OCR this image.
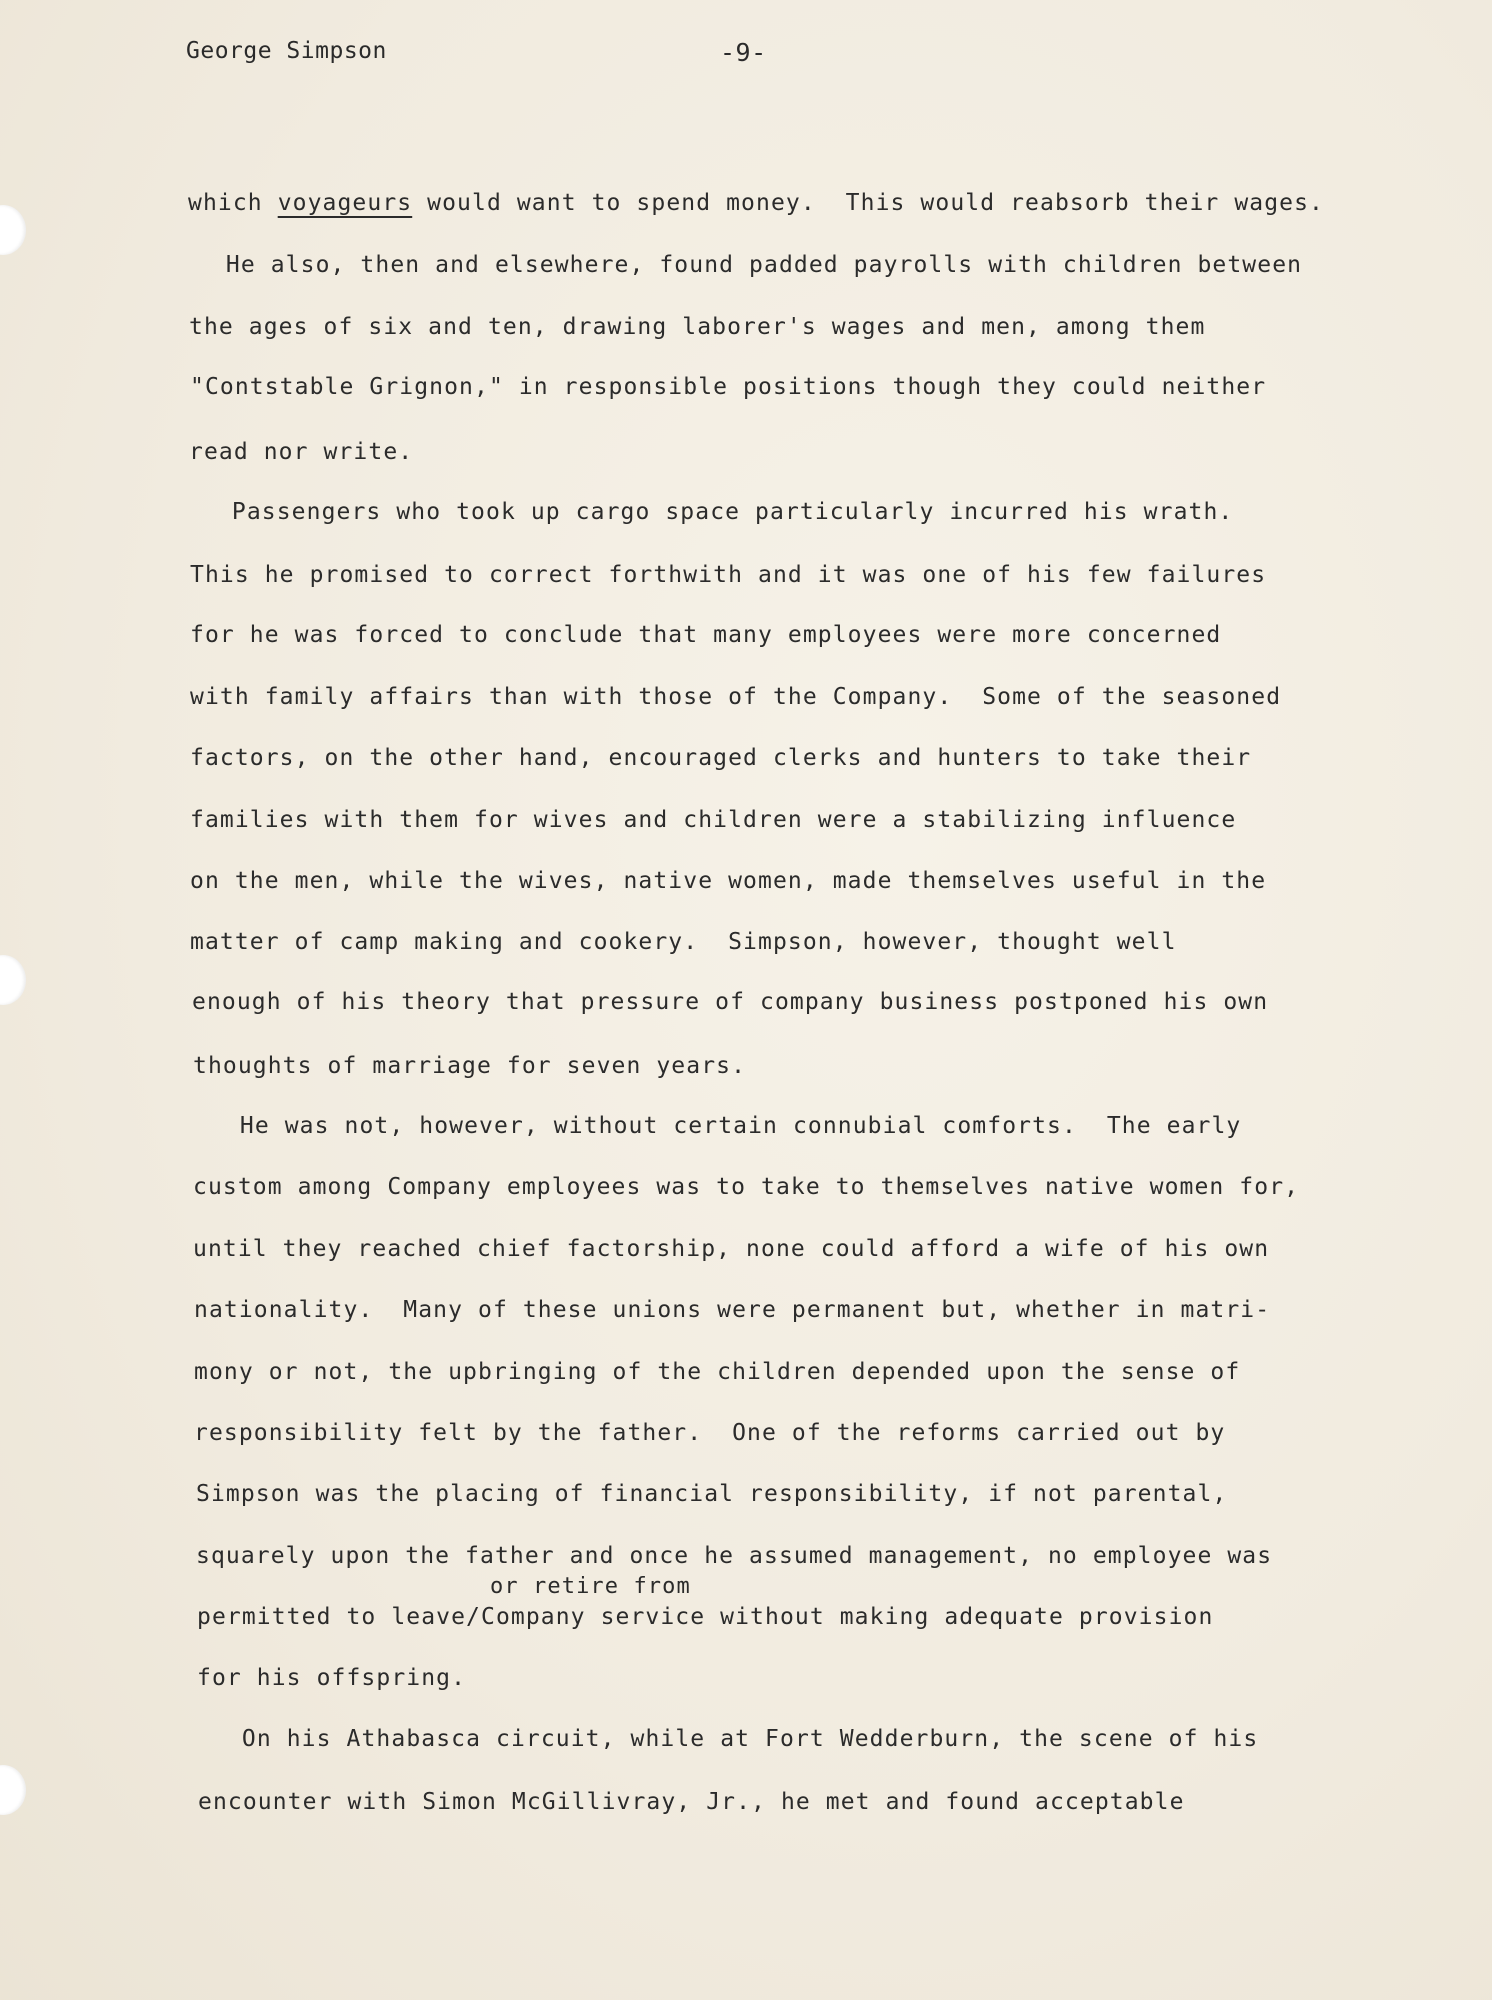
George Simpson	-9-
which voyageurs would want to spend money.  This would reabsorb their wages.
He also, then and elsewhere, found padded payrolls with children between
the ages of six and ten, drawing laborer's wages and men, among them
"Contstable Grignon," in responsible positions though they could neither
read nor write.
Passengers who took up cargo space particularly incurred his wrath.
This he promised to correct forthwith and it was one of his few failures
for he was forced to conclude that many employees were more concerned
with family affairs than with those of the Company.  Some of the seasoned
factors, on the other hand, encouraged clerks and hunters to take their
families with them for wives and children were a stabilizing influence
on the men, while the wives, native women, made themselves useful in the
matter of camp making and cookery.  Simpson, however, thought well
enough of his theory that pressure of company business postponed his own
thoughts of marriage for seven years.
He was not, however, without certain connubial comforts.  The early
custom among Company employees was to take to themselves native women for,
until they reached chief factorship, none could afford a wife of his own
nationality.  Many of these unions were permanent but, whether in matri-
mony or not, the upbringing of the children depended upon the sense of
responsibility felt by the father.  One of the reforms carried out by
Simpson was the placing of financial responsibility, if not parental,
squarely upon the father and once he assumed management, no employee was
or retire from
permitted to leave/Company service without making adequate provision
for his offspring.
On his Athabasca circuit, while at Fort Wedderburn, the scene of his
encounter with Simon McGillivray, Jr., he met and found acceptable
